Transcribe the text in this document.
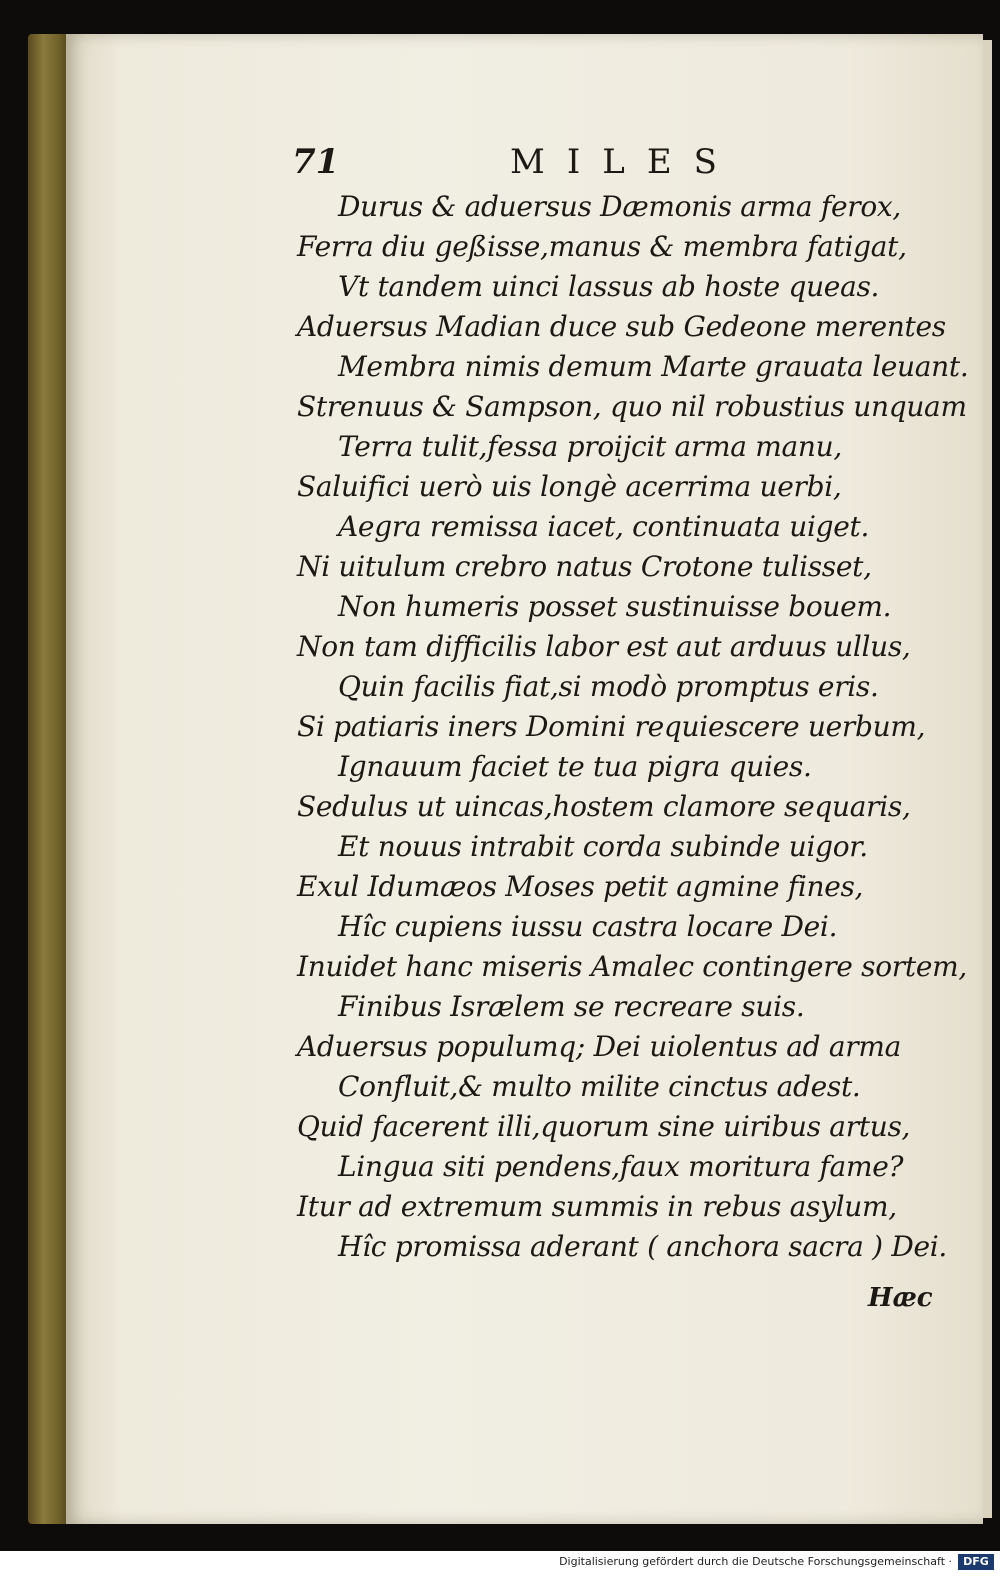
71	MILES
Durus & aduersus Dæmonis arma ferox,
Ferra diu geßisse,manus & membra fatigat,
Vt tandem uinci lassus ab hoste queas.
Aduersus Madian duce sub Gedeone merentes
Membra nimis demum Marte grauata leuant.
Strenuus & Sampson, quo nil robustius unquam
Terra tulit,fessa proijcit arma manu,
Saluifici uerò uis longè acerrima uerbi,
Aegra remissa iacet, continuata uiget.
Ni uitulum crebro natus Crotone tulisset,
Non humeris posset sustinuisse bouem.
Non tam difficilis labor est aut arduus ullus,
Quin facilis fiat,si modò promptus eris.
Si patiaris iners Domini requiescere uerbum,
Ignauum faciet te tua pigra quies.
Sedulus ut uincas,hostem clamore sequaris,
Et nouus intrabit corda subinde uigor.
Exul Idumæos Moses petit agmine fines,
Hîc cupiens iussu castra locare Dei.
Inuidet hanc miseris Amalec contingere sortem,
Finibus Isrælem se recreare suis.
Aduersus populumq; Dei uiolentus ad arma
Confluit,& multo milite cinctus adest.
Quid facerent illi,quorum sine uiribus artus,
Lingua siti pendens,faux moritura fame?
Itur ad extremum summis in rebus asylum,
Hîc promissa aderant ( anchora sacra ) Dei.
Hæc
Digitalisierung gefördert durch die Deutsche Forschungsgemeinschaft ·	DFG
